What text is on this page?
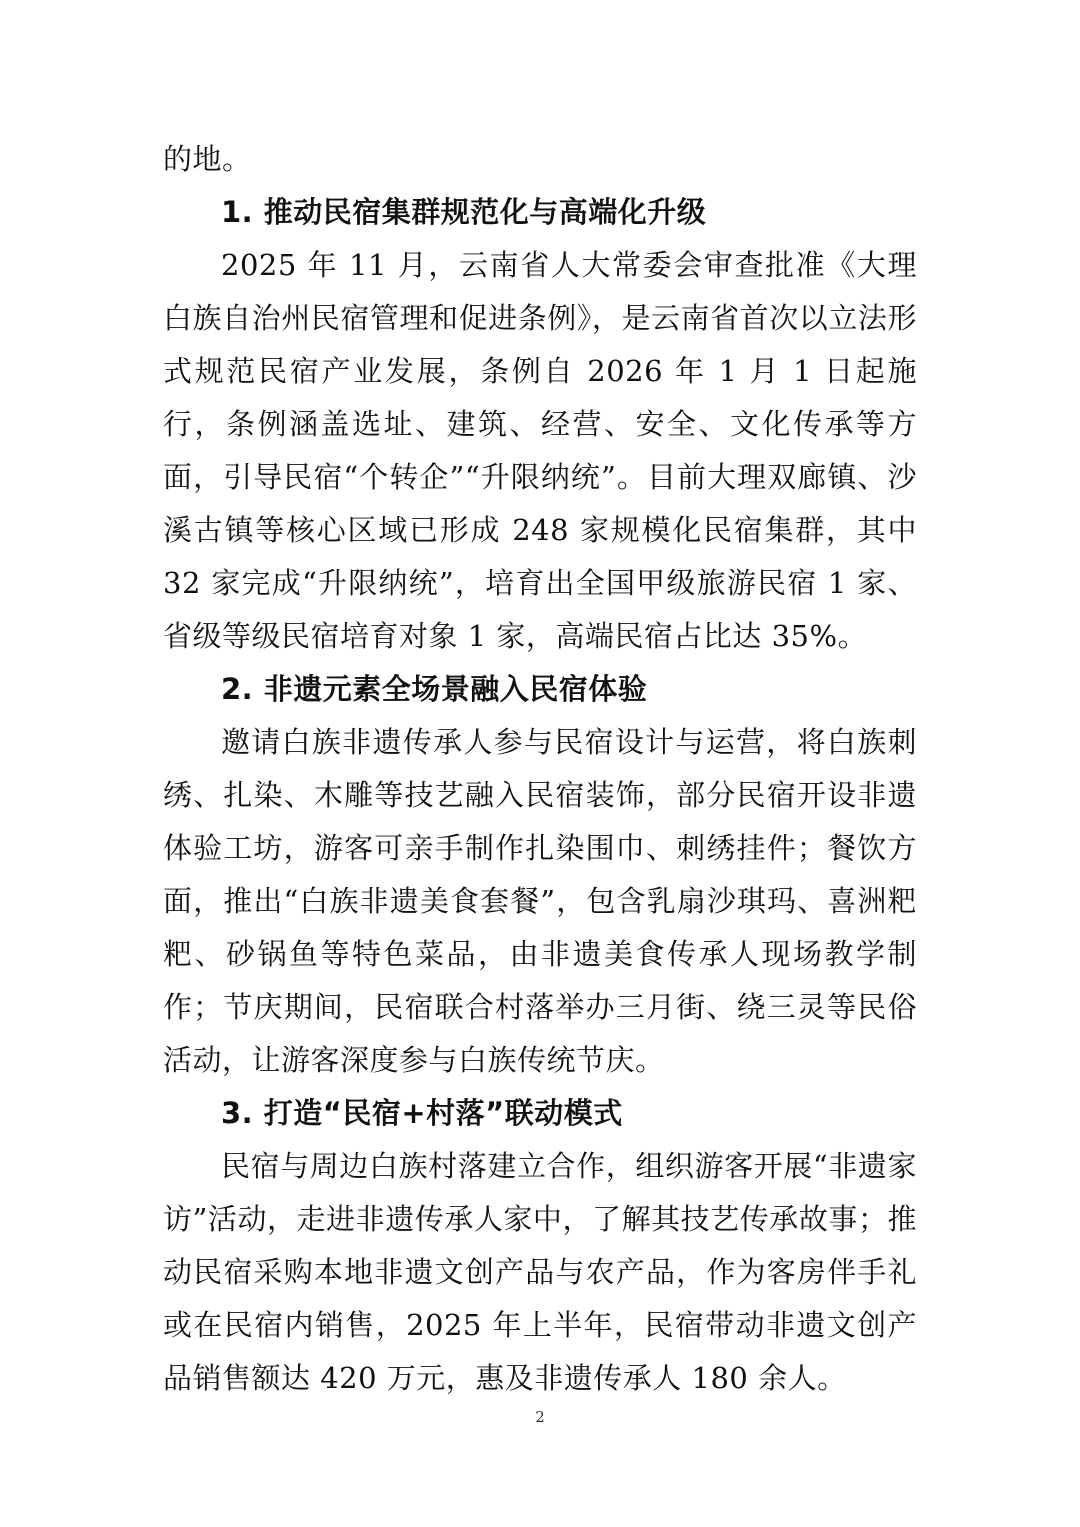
的地。

1. 推动民宿集群规范化与高端化升级

2025 年 11 月，云南省人大常委会审查批准《大理白族自治州民宿管理和促进条例》，是云南省首次以立法形式规范民宿产业发展，条例自 2026 年 1 月 1 日起施行，条例涵盖选址、建筑、经营、安全、文化传承等方面，引导民宿“个转企”“升限纳统”。目前大理双廊镇、沙溪古镇等核心区域已形成 248 家规模化民宿集群，其中 32 家完成“升限纳统”，培育出全国甲级旅游民宿 1 家、省级等级民宿培育对象 1 家，高端民宿占比达 35%。

2. 非遗元素全场景融入民宿体验

邀请白族非遗传承人参与民宿设计与运营，将白族刺绣、扎染、木雕等技艺融入民宿装饰，部分民宿开设非遗体验工坊，游客可亲手制作扎染围巾、刺绣挂件；餐饮方面，推出“白族非遗美食套餐”，包含乳扇沙琪玛、喜洲粑粑、砂锅鱼等特色菜品，由非遗美食传承人现场教学制作；节庆期间，民宿联合村落举办三月街、绕三灵等民俗活动，让游客深度参与白族传统节庆。

3. 打造“民宿+村落”联动模式

民宿与周边白族村落建立合作，组织游客开展“非遗家访”活动，走进非遗传承人家中，了解其技艺传承故事；推动民宿采购本地非遗文创产品与农产品，作为客房伴手礼或在民宿内销售，2025 年上半年，民宿带动非遗文创产品销售额达 420 万元，惠及非遗传承人 180 余人。

2
